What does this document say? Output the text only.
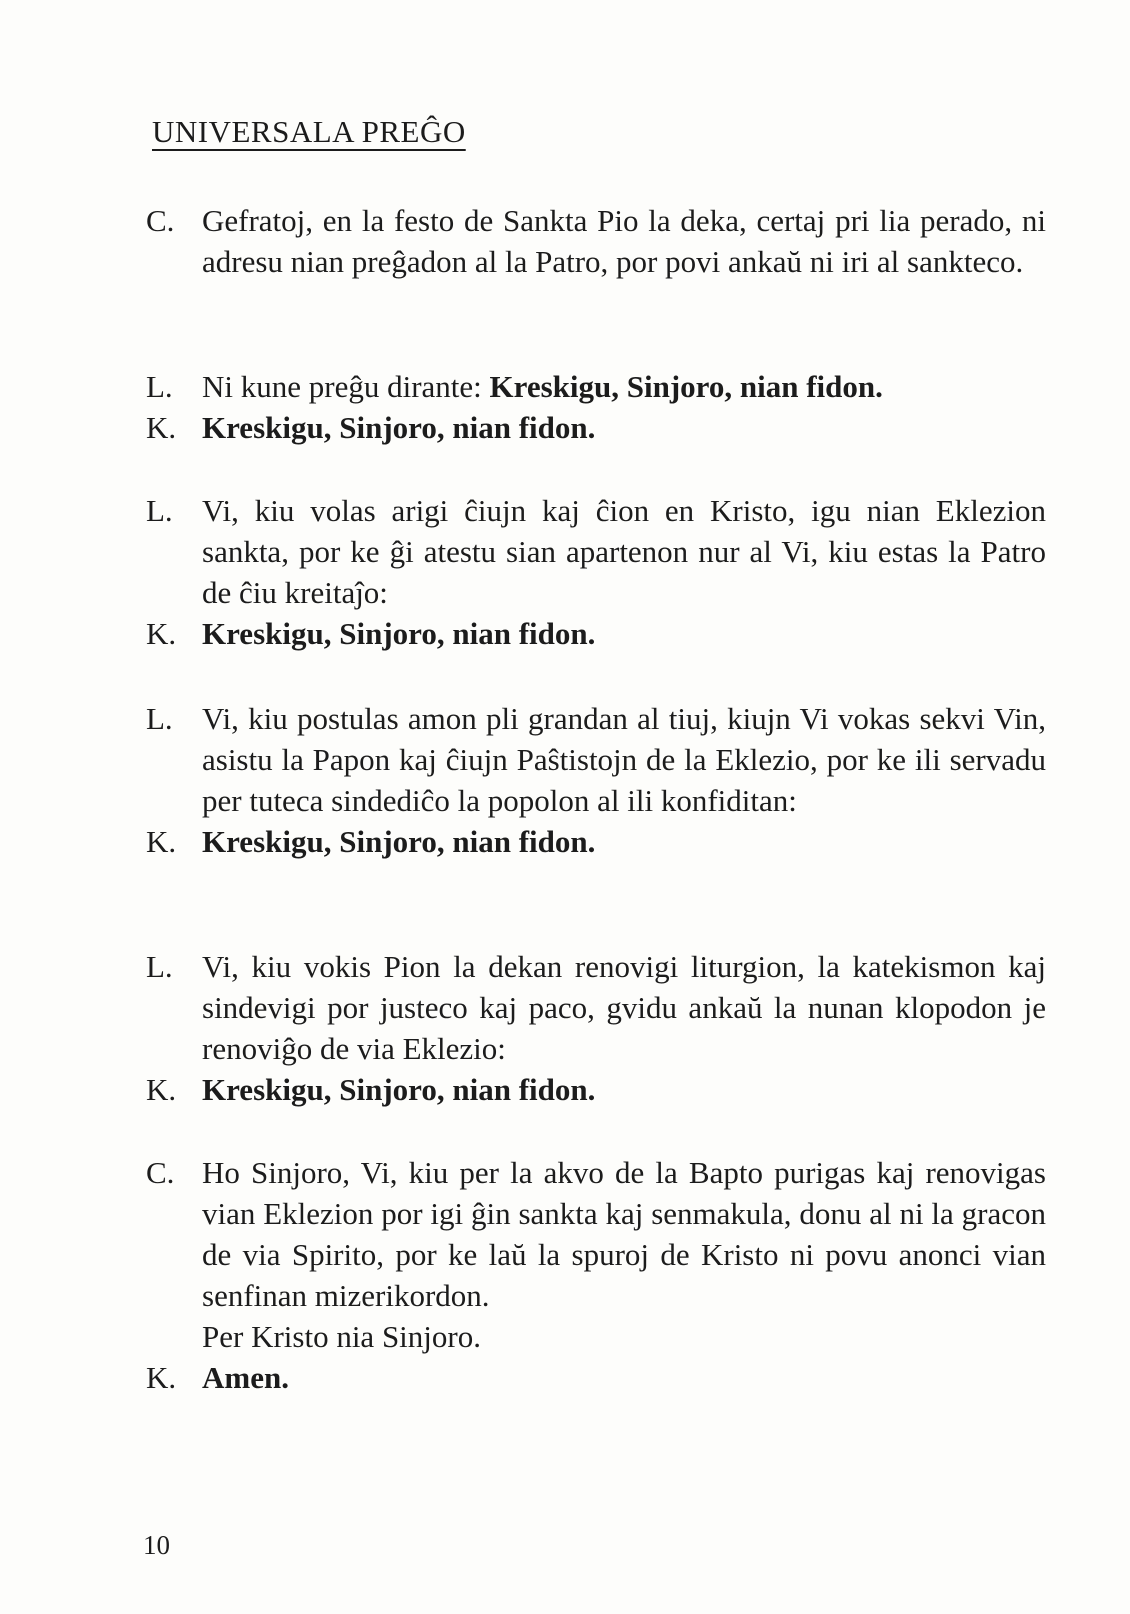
UNIVERSALA PREĜO
C. Gefratoj, en la festo de Sankta Pio la deka, certaj pri lia perado, ni adresu nian preĝadon al la Patro, por povi ankaŭ ni iri al sankteco.
L. Ni kune preĝu dirante: Kreskigu, Sinjoro, nian fidon.
K. Kreskigu, Sinjoro, nian fidon.
L. Vi, kiu volas arigi ĉiujn kaj ĉion en Kristo, igu nian Eklezion sankta, por ke ĝi atestu sian apartenon nur al Vi, kiu estas la Patro de ĉiu kreitaĵo:
K. Kreskigu, Sinjoro, nian fidon.
L. Vi, kiu postulas amon pli grandan al tiuj, kiujn Vi vokas sekvi Vin, asistu la Papon kaj ĉiujn Paŝtistojn de la Eklezio, por ke ili servadu per tuteca sindediĉo la popolon al ili konfiditan:
K. Kreskigu, Sinjoro, nian fidon.
L. Vi, kiu vokis Pion la dekan renovigi liturgion, la katekismon kaj sindevigi por justeco kaj paco, gvidu ankaŭ la nunan klopodon je renoviĝo de via Eklezio:
K. Kreskigu, Sinjoro, nian fidon.
C. Ho Sinjoro, Vi, kiu per la akvo de la Bapto purigas kaj renovigas vian Eklezion por igi ĝin sankta kaj senmakula, donu al ni la gracon de via Spirito, por ke laŭ la spuroj de Kristo ni povu anonci vian senfinan mizerikordon.
Per Kristo nia Sinjoro.
K. Amen.
10
